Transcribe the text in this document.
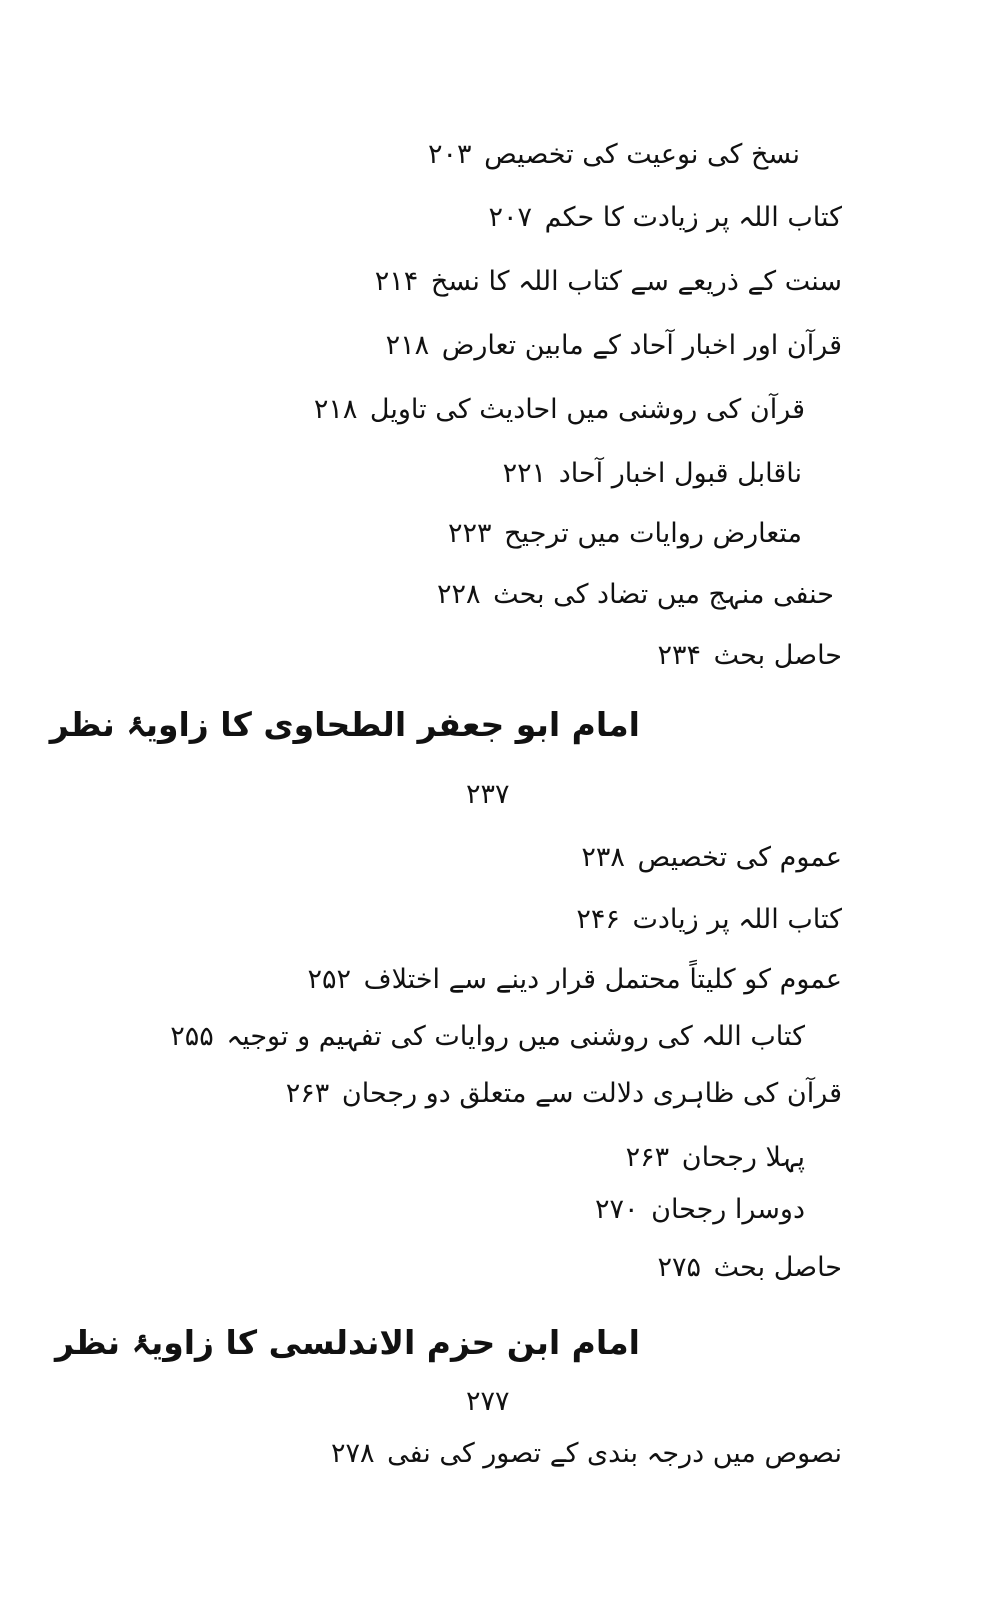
نسخ کی نوعیت کی تخصیص ۲۰۳
کتاب اللہ پر زیادت کا حکم ۲۰۷
سنت کے ذریعے سے کتاب اللہ کا نسخ ۲۱۴
قرآن اور اخبار آحاد کے مابین تعارض ۲۱۸
قرآن کی روشنی میں احادیث کی تاویل ۲۱۸
ناقابل قبول اخبار آحاد ۲۲۱
متعارض روایات میں ترجیح ۲۲۳
حنفی منہج میں تضاد کی بحث ۲۲۸
حاصل بحث ۲۳۴
امام ابو جعفر الطحاوی کا زاویۂ نظر
۲۳۷
عموم کی تخصیص ۲۳۸
کتاب اللہ پر زیادت ۲۴۶
عموم کو کلیتاً محتمل قرار دینے سے اختلاف ۲۵۲
کتاب اللہ کی روشنی میں روایات کی تفہیم و توجیہ ۲۵۵
قرآن کی ظاہری دلالت سے متعلق دو رجحان ۲۶۳
پہلا رجحان ۲۶۳
دوسرا رجحان ۲۷۰
حاصل بحث ۲۷۵
امام ابن حزم الاندلسی کا زاویۂ نظر
۲۷۷
نصوص میں درجہ بندی کے تصور کی نفی ۲۷۸
